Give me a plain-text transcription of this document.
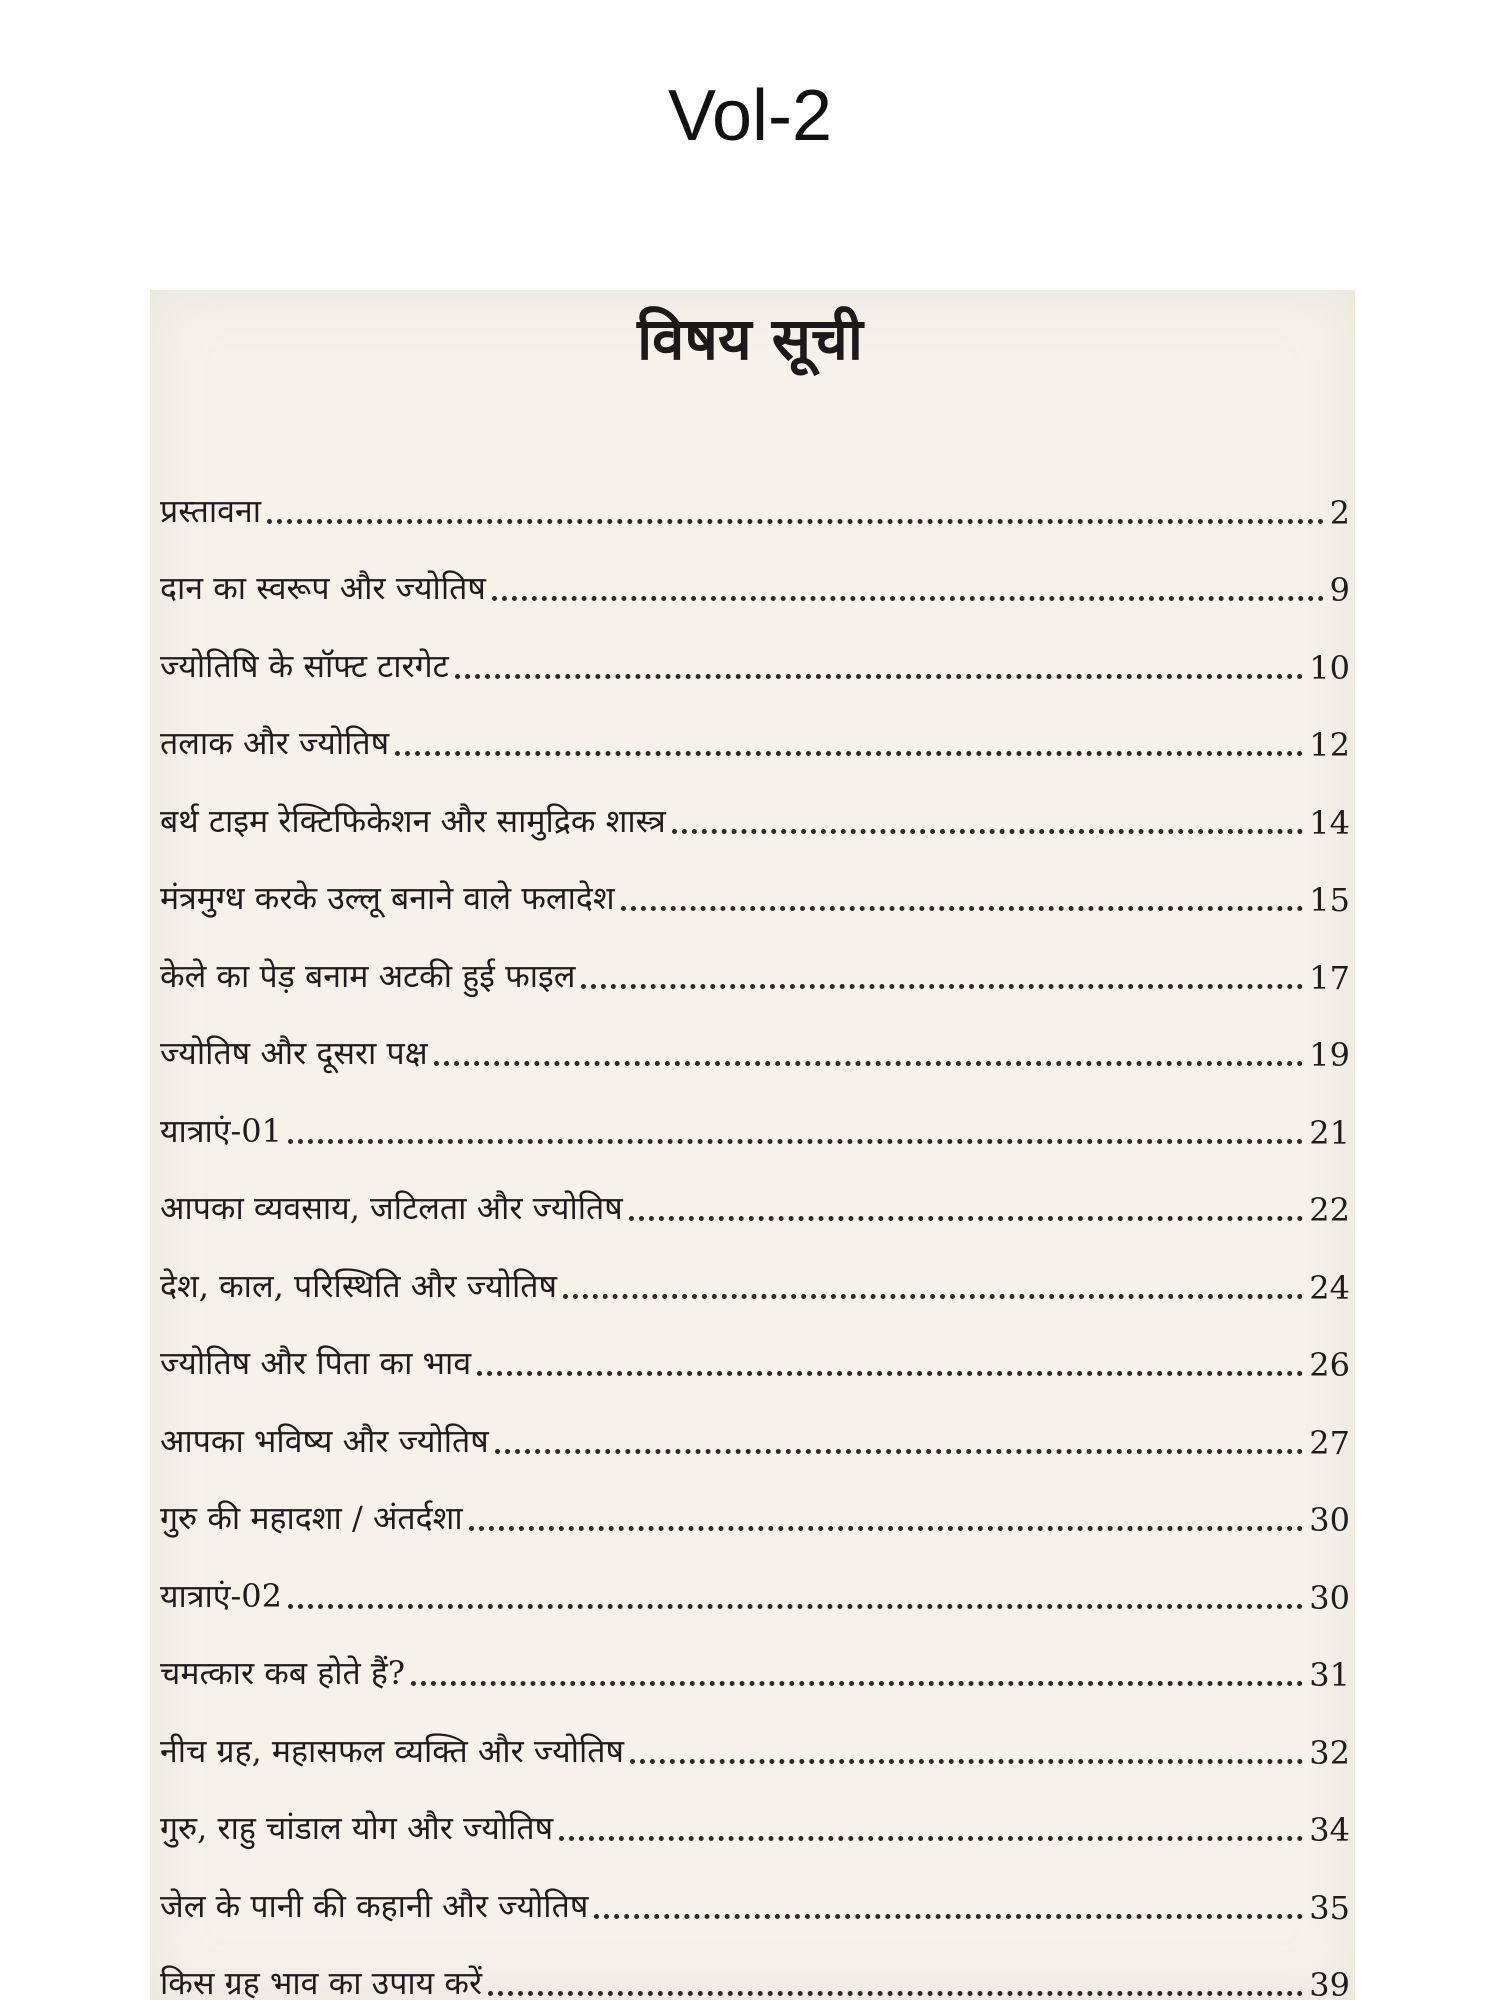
Vol-2
विषय सूची
प्रस्तावना	2
दान का स्वरूप और ज्योतिष	9
ज्योतिषि के सॉफ्ट टारगेट	10
तलाक और ज्योतिष	12
बर्थ टाइम रेक्टिफिकेशन और सामुद्रिक शास्त्र	14
मंत्रमुग्ध करके उल्लू बनाने वाले फलादेश	15
केले का पेड़ बनाम अटकी हुई फाइल	17
ज्योतिष और दूसरा पक्ष	19
यात्राएं-01	21
आपका व्यवसाय, जटिलता और ज्योतिष	22
देश, काल, परिस्थिति और ज्योतिष	24
ज्योतिष और पिता का भाव	26
आपका भविष्य और ज्योतिष	27
गुरु की महादशा / अंतर्दशा	30
यात्राएं-02	30
चमत्कार कब होते हैं?	31
नीच ग्रह, महासफल व्यक्ति और ज्योतिष	32
गुरु, राहु चांडाल योग और ज्योतिष	34
जेल के पानी की कहानी और ज्योतिष	35
किस ग्रह भाव का उपाय करें	39
